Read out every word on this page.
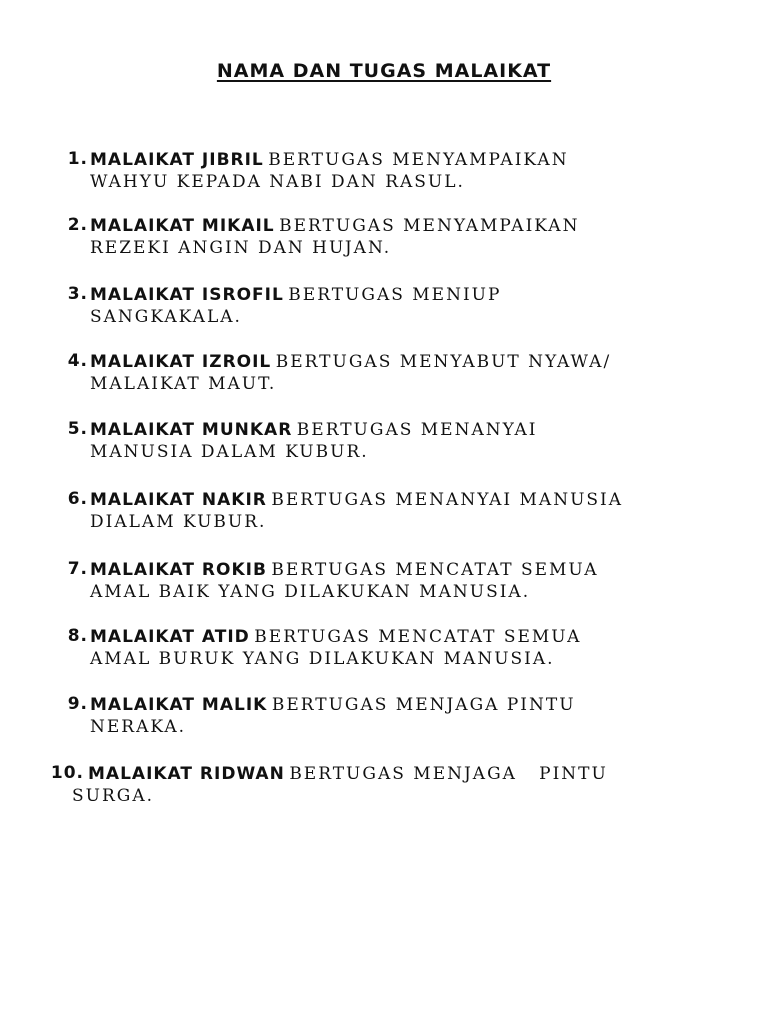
NAMA DAN TUGAS MALAIKAT
1. MALAIKAT JIBRIL BERTUGAS MENYAMPAIKAN
WAHYU KEPADA NABI DAN RASUL.
2. MALAIKAT MIKAIL BERTUGAS MENYAMPAIKAN
REZEKI ANGIN DAN HUJAN.
3. MALAIKAT ISROFIL BERTUGAS MENIUP
SANGKAKALA.
4. MALAIKAT IZROIL BERTUGAS MENYABUT NYAWA/
MALAIKAT MAUT.
5. MALAIKAT MUNKAR BERTUGAS MENANYAI
MANUSIA DALAM KUBUR.
6. MALAIKAT NAKIR BERTUGAS MENANYAI MANUSIA
DIALAM KUBUR.
7. MALAIKAT ROKIB BERTUGAS MENCATAT SEMUA
AMAL BAIK YANG DILAKUKAN MANUSIA.
8. MALAIKAT ATID BERTUGAS MENCATAT SEMUA
AMAL BURUK YANG DILAKUKAN MANUSIA.
9. MALAIKAT MALIK BERTUGAS MENJAGA PINTU
NERAKA.
10. MALAIKAT RIDWAN BERTUGAS MENJAGA   PINTU
SURGA.
